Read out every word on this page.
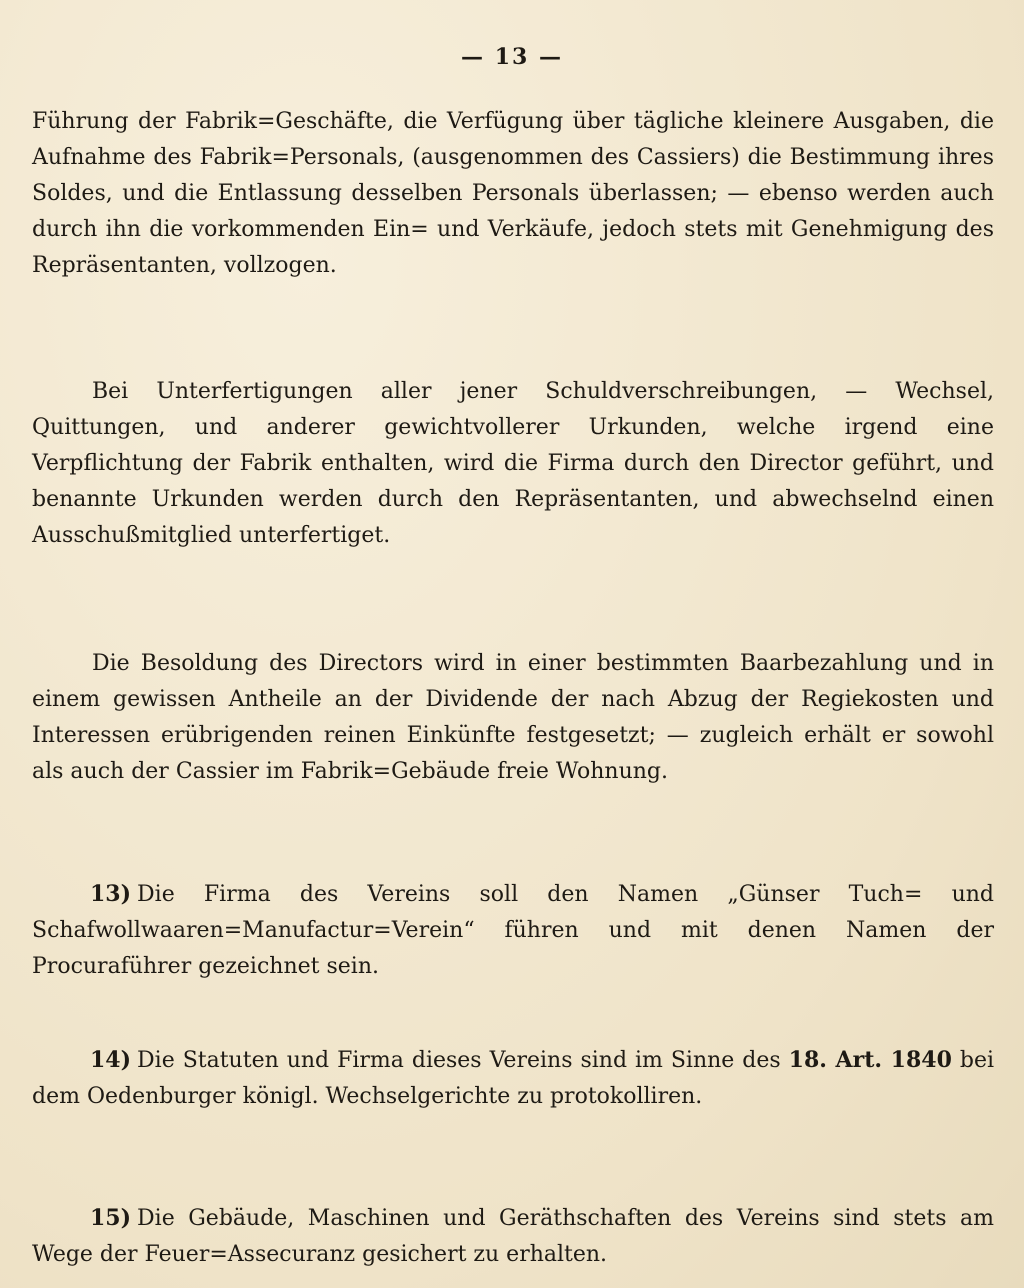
— 13 —

Führung der Fabrik=Geschäfte, die Verfügung über tägliche kleinere Ausgaben, die Aufnahme des Fabrik=Personals, (ausgenommen des Cassiers) die Bestimmung ihres Soldes, und die Entlassung desselben Personals überlassen; — ebenso werden auch durch ihn die vorkommenden Ein= und Verkäufe, jedoch stets mit Genehmigung des Repräsentanten, vollzogen.

Bei Unterfertigungen aller jener Schuldverschreibungen, — Wechsel, Quittungen, und anderer gewichtvollerer Urkunden, welche irgend eine Verpflichtung der Fabrik enthalten, wird die Firma durch den Director geführt, und benannte Urkunden werden durch den Repräsentanten, und abwechselnd einen Ausschußmitglied unterfertiget.

Die Besoldung des Directors wird in einer bestimmten Baarbezahlung und in einem gewissen Antheile an der Dividende der nach Abzug der Regiekosten und Interessen erübrigenden reinen Einkünfte festgesetzt; — zugleich erhält er sowohl als auch der Cassier im Fabrik=Gebäude freie Wohnung.

13) Die Firma des Vereins soll den Namen „Günser Tuch= und Schafwollwaaren=Manufactur=Verein“ führen und mit denen Namen der Procuraführer gezeichnet sein.

14) Die Statuten und Firma dieses Vereins sind im Sinne des 18. Art. 1840 bei dem Oedenburger königl. Wechselgerichte zu protokolliren.

15) Die Gebäude, Maschinen und Geräthschaften des Vereins sind stets am Wege der Feuer=Assecuranz gesichert zu erhalten.
